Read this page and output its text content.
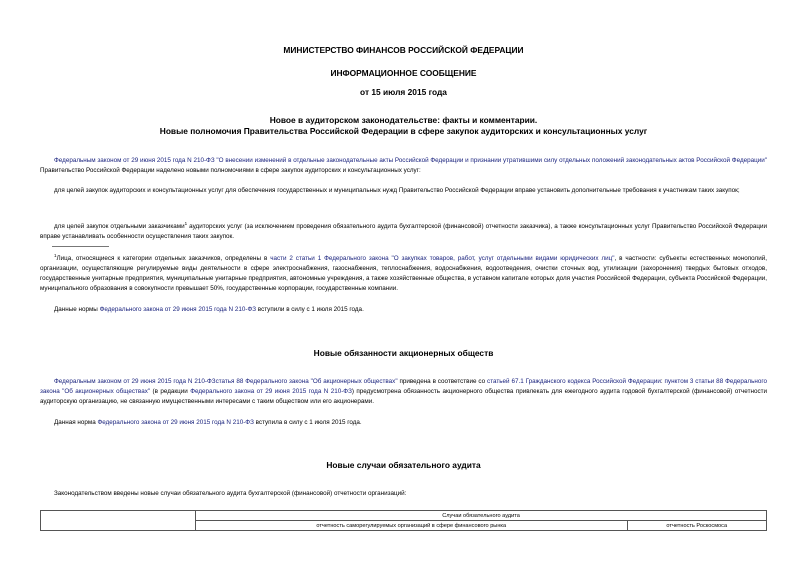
МИНИСТЕРСТВО ФИНАНСОВ РОССИЙСКОЙ ФЕДЕРАЦИИ
ИНФОРМАЦИОННОЕ СООБЩЕНИЕ
от 15 июля 2015 года
Новое в аудиторском законодательстве: факты и комментарии.
Новые полномочия Правительства Российской Федерации в сфере закупок аудиторских и консультационных услуг
Федеральным законом от 29 июня 2015 года N 210-ФЗ "О внесении изменений в отдельные законодательные акты Российской Федерации и признании утратившими силу отдельных положений законодательных актов Российской Федерации" Правительство Российской Федерации наделено новыми полномочиями в сфере закупок аудиторских и консультационных услуг:
для целей закупок аудиторских и консультационных услуг для обеспечения государственных и муниципальных нужд Правительство Российской Федерации вправе установить дополнительные требования к участникам таких закупок;
для целей закупок отдельными заказчиками$^1$ аудиторских услуг (за исключением проведения обязательного аудита бухгалтерской (финансовой) отчетности заказчика), а также консультационных услуг Правительство Российской Федерации вправе устанавливать особенности осуществления таких закупок.
$^1$Лица, относящиеся к категории отдельных заказчиков, определены в части 2 статьи 1 Федерального закона "О закупках товаров, работ, услуг отдельными видами юридических лиц", в частности: субъекты естественных монополий, организации, осуществляющие регулируемые виды деятельности в сфере электроснабжения, газоснабжения, теплоснабжения, водоснабжения, водоотведения, очистки сточных вод, утилизации (захоронения) твердых бытовых отходов, государственные унитарные предприятия, муниципальные унитарные предприятия, автономные учреждения, а также хозяйственные общества, в уставном капитале которых доля участия Российской Федерации, субъекта Российской Федерации, муниципального образования в совокупности превышает 50%, государственные корпорации, государственные компании.
Данные нормы Федерального закона от 29 июня 2015 года N 210-ФЗ вступили в силу с 1 июля 2015 года.
Новые обязанности акционерных обществ
Федеральным законом от 29 июня 2015 года N 210-ФЗстатья 88 Федерального закона "Об акционерных обществах" приведена в соответствие со статьей 67.1 Гражданского кодекса Российской Федерации: пунктом 3 статьи 88 Федерального закона "Об акционерных обществах" (в редакции Федерального закона от 29 июня 2015 года N 210-ФЗ) предусмотрена обязанность акционерного общества привлекать для ежегодного аудита годовой бухгалтерской (финансовой) отчетности аудиторскую организацию, не связанную имущественными интересами с таким обществом или его акционерами.
Данная норма Федерального закона от 29 июня 2015 года N 210-ФЗ вступила в силу с 1 июля 2015 года.
Новые случаи обязательного аудита
Законодательством введены новые случаи обязательного аудита бухгалтерской (финансовой) отчетности организаций:
	Случаи обязательного аудита	
	отчетность саморегулируемых организаций в сфере финансового рынка	отчетность Роскосмоса
